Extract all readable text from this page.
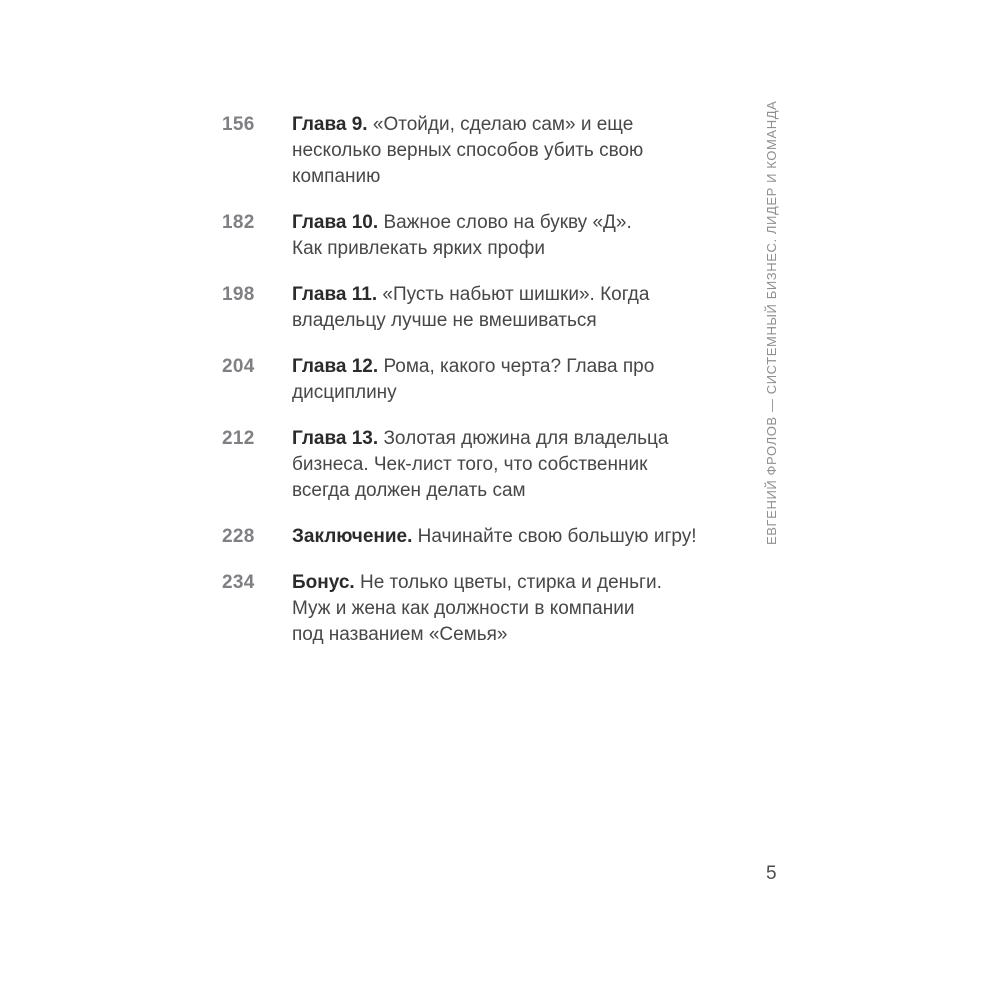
156	Глава 9. «Отойди, сделаю сам» и еще
несколько верных способов убить свою
компанию
182	Глава 10. Важное слово на букву «Д».
Как привлекать ярких профи
198	Глава 11. «Пусть набьют шишки». Когда
владельцу лучше не вмешиваться
204	Глава 12. Рома, какого черта? Глава про
дисциплину
212	Глава 13. Золотая дюжина для владельца
бизнеса. Чек-лист того, что собственник
всегда должен делать сам
228	Заключение. Начинайте свою большую игру!
234	Бонус. Не только цветы, стирка и деньги.
Муж и жена как должности в компании
под названием «Семья»
ЕВГЕНИЙ ФРОЛОВ — СИСТЕМНЫЙ БИЗНЕС. ЛИДЕР И КОМАНДА
5
